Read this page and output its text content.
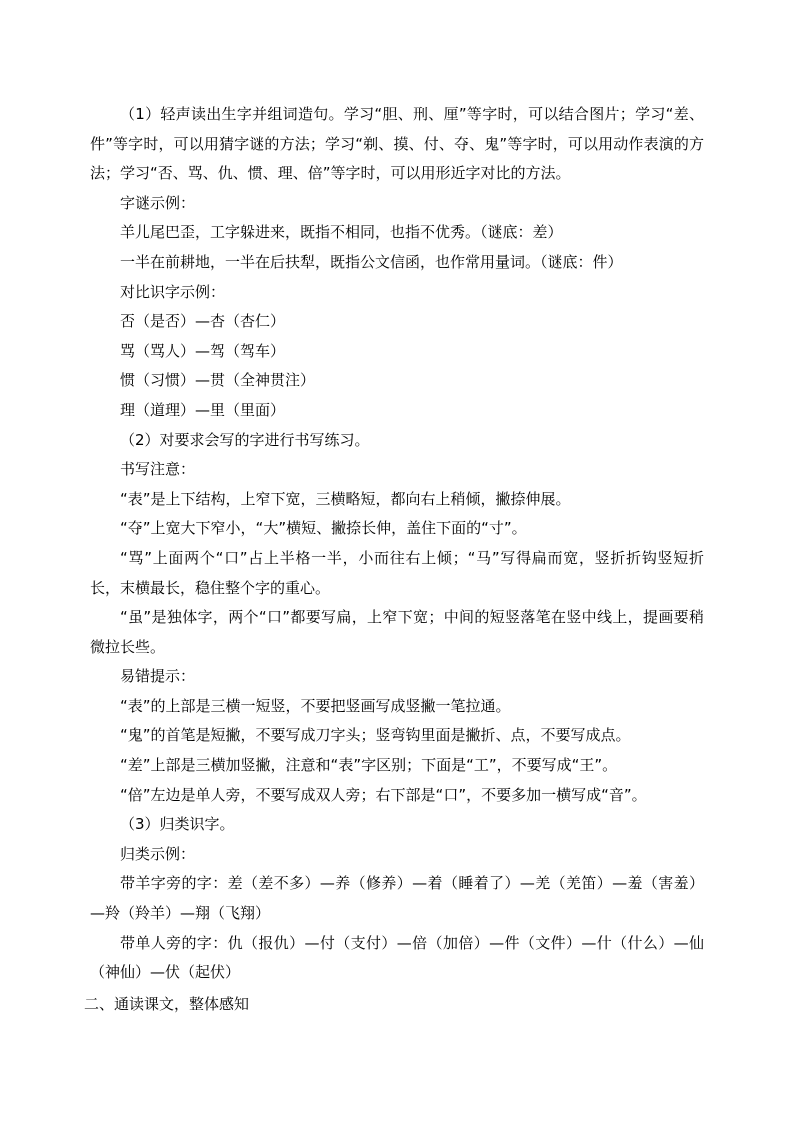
（1）轻声读出生字并组词造句。学习“胆、刑、厘”等字时，可以结合图片；学习“差、件”等字时，可以用猜字谜的方法；学习“剃、摸、付、夺、鬼”等字时，可以用动作表演的方法；学习“否、骂、仇、惯、理、倍”等字时，可以用形近字对比的方法。

字谜示例：

羊儿尾巴歪，工字躲进来，既指不相同，也指不优秀。（谜底：差）

一半在前耕地，一半在后扶犁，既指公文信函，也作常用量词。（谜底：件）

对比识字示例：

否（是否）—杏（杏仁）

骂（骂人）—驾（驾车）

惯（习惯）—贯（全神贯注）

理（道理）—里（里面）

（2）对要求会写的字进行书写练习。

书写注意：

“表”是上下结构，上窄下宽，三横略短，都向右上稍倾，撇捺伸展。

“夺”上宽大下窄小，“大”横短、撇捺长伸，盖住下面的“寸”。

“骂”上面两个“口”占上半格一半，小而往右上倾；“马”写得扁而宽，竖折折钩竖短折长，末横最长，稳住整个字的重心。

“虽”是独体字，两个“口”都要写扁，上窄下宽；中间的短竖落笔在竖中线上，提画要稍微拉长些。

易错提示：

“表”的上部是三横一短竖，不要把竖画写成竖撇一笔拉通。

“鬼”的首笔是短撇，不要写成刀字头；竖弯钩里面是撇折、点，不要写成点。

“差”上部是三横加竖撇，注意和“表”字区别；下面是“工”，不要写成“王”。

“倍”左边是单人旁，不要写成双人旁；右下部是“口”，不要多加一横写成“音”。

（3）归类识字。

归类示例：

带羊字旁的字：差（差不多）—养（修养）—着（睡着了）—羌（羌笛）—羞（害羞）—羚（羚羊）—翔（飞翔）

带单人旁的字：仇（报仇）—付（支付）—倍（加倍）—件（文件）—什（什么）—仙（神仙）—伏（起伏）

二、通读课文，整体感知
